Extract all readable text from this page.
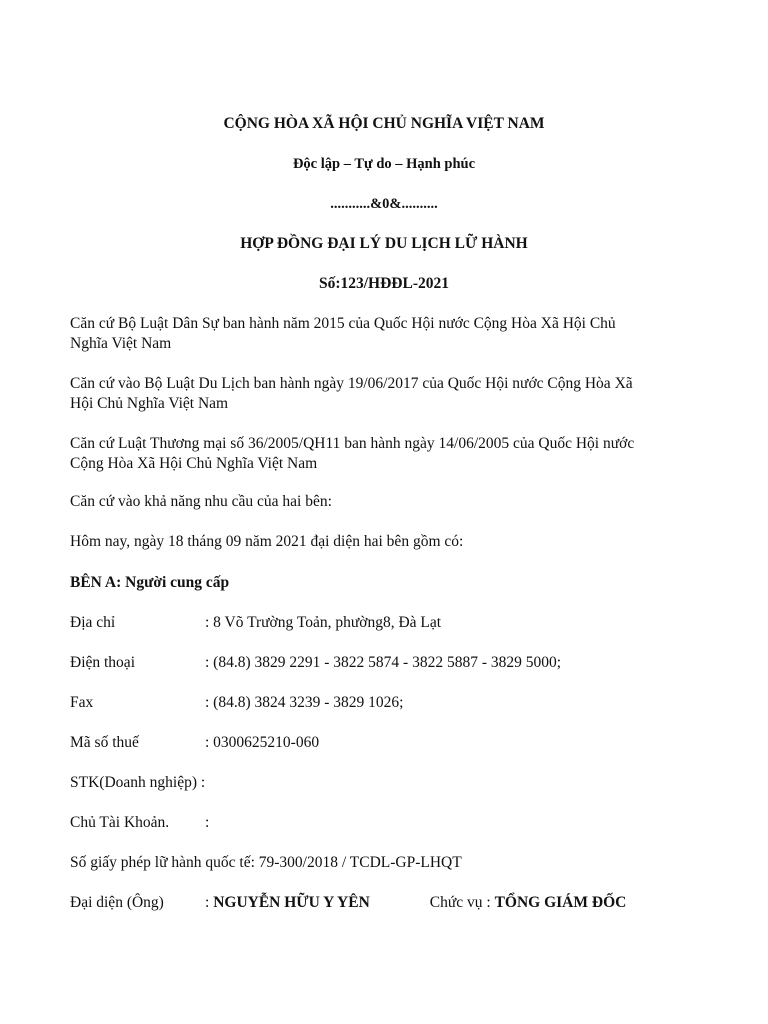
CỘNG HÒA XÃ HỘI CHỦ NGHĨA VIỆT NAM
Độc lập – Tự do – Hạnh phúc
...........&0&..........
HỢP ĐỒNG ĐẠI LÝ DU LỊCH LỮ HÀNH
Số:123/HĐĐL-2021
Căn cứ Bộ Luật Dân Sự ban hành năm 2015 của Quốc Hội nước Cộng Hòa Xã Hội Chủ
Nghĩa Việt Nam
Căn cứ vào Bộ Luật Du Lịch ban hành ngày 19/06/2017 của Quốc Hội nước Cộng Hòa Xã
Hội Chủ Nghĩa Việt Nam
Căn cứ Luật Thương mại số 36/2005/QH11 ban hành ngày 14/06/2005 của Quốc Hội nước
Cộng Hòa Xã Hội Chủ Nghĩa Việt Nam
Căn cứ vào khả năng nhu cầu của hai bên:
Hôm nay, ngày 18 tháng 09 năm 2021 đại diện hai bên gồm có:
BÊN A: Người cung cấp
Địa chỉ	: 8 Võ Trường Toản, phường8, Đà Lạt
Điện thoại	: (84.8) 3829 2291 - 3822 5874 - 3822 5887 - 3829 5000;
Fax	: (84.8) 3824 3239 - 3829 1026;
Mã số thuế	: 0300625210-060
STK(Doanh nghiệp) :
Chủ Tài Khoản. :
Số giấy phép lữ hành quốc tế: 79-300/2018 / TCDL-GP-LHQT
Đại diện (Ông)	: NGUYỄN HỮU Y YÊN	Chức vụ : TỔNG GIÁM ĐỐC
